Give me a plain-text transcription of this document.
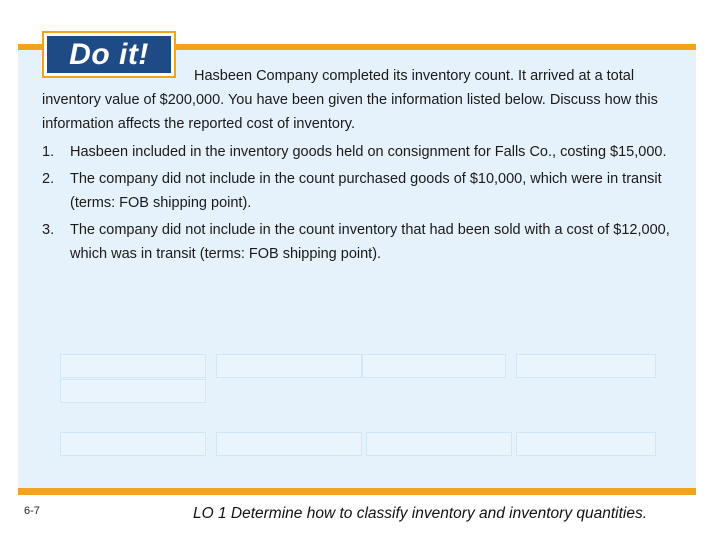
Do it!
Hasbeen Company completed its inventory count. It arrived at a total inventory value of $200,000. You have been given the information listed below. Discuss how this information affects the reported cost of inventory.
1. Hasbeen included in the inventory goods held on consignment for Falls Co., costing $15,000.
2. The company did not include in the count purchased goods of $10,000, which were in transit (terms: FOB shipping point).
3. The company did not include in the count inventory that had been sold with a cost of $12,000, which was in transit (terms: FOB shipping point).
6-7	LO 1 Determine how to classify inventory and inventory quantities.
